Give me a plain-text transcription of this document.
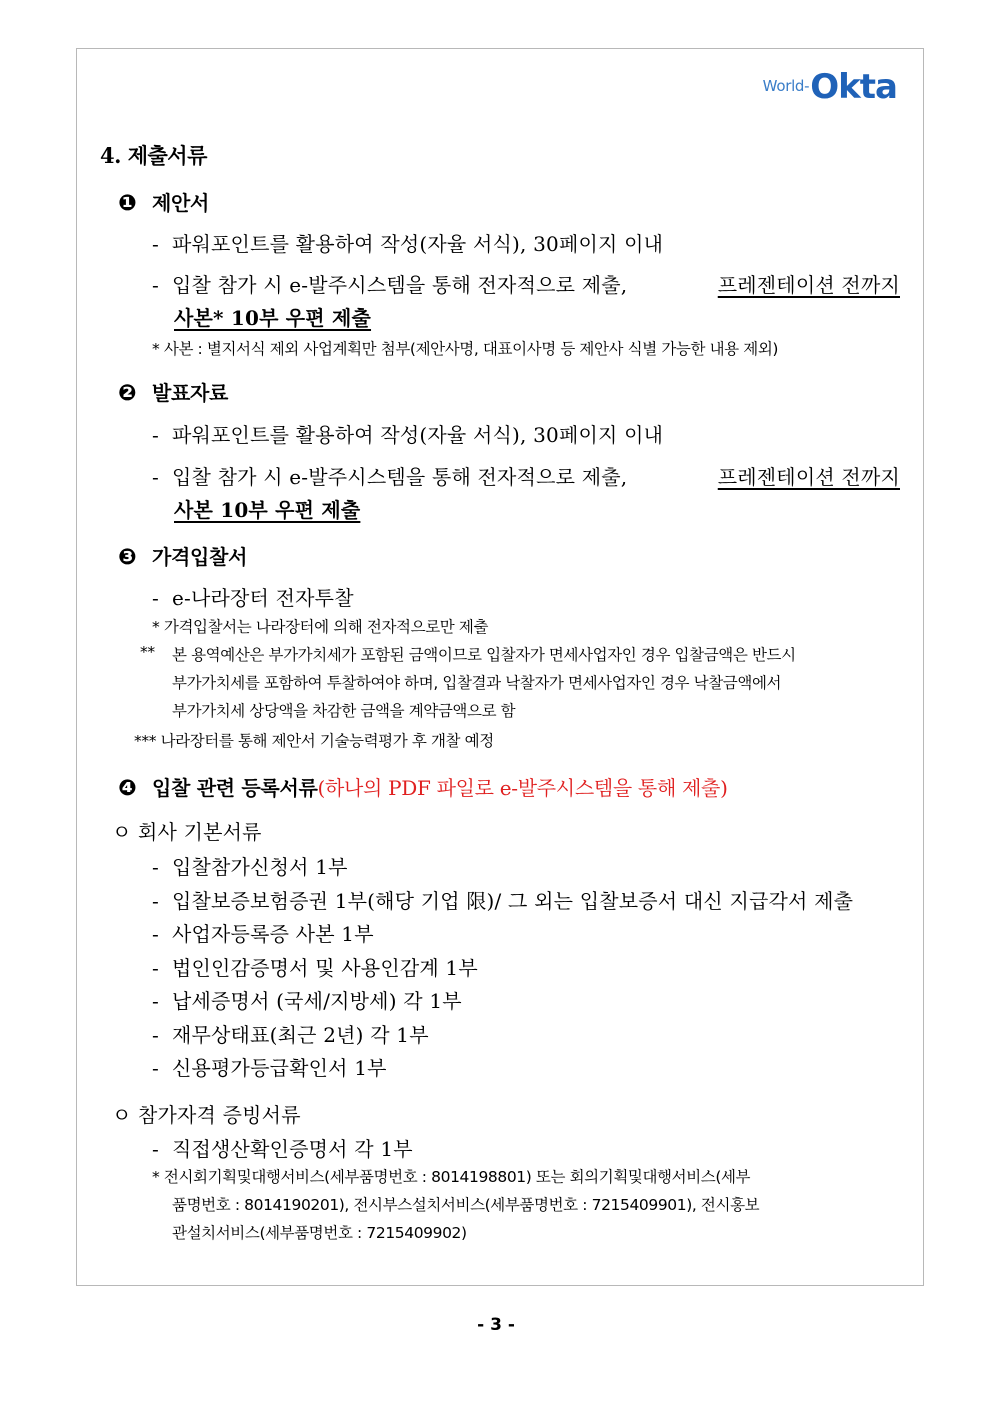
World- Okta
4. 제출서류
❶ 제안서
- 파워포인트를 활용하여 작성(자율 서식), 30페이지 이내
- 입찰 참가 시 e-발주시스템을 통해 전자적으로 제출,	프레젠테이션 전까지
사본* 10부 우편 제출
* 사본 : 별지서식 제외 사업계획만 첨부(제안사명, 대표이사명 등 제안사 식별 가능한 내용 제외)
❷ 발표자료
- 파워포인트를 활용하여 작성(자율 서식), 30페이지 이내
- 입찰 참가 시 e-발주시스템을 통해 전자적으로 제출,	프레젠테이션 전까지
사본 10부 우편 제출
❸ 가격입찰서
- e-나라장터 전자투찰
* 가격입찰서는 나라장터에 의해 전자적으로만 제출
** 본 용역예산은 부가가치세가 포함된 금액이므로 입찰자가 면세사업자인 경우 입찰금액은 반드시
부가가치세를 포함하여 투찰하여야 하며, 입찰결과 낙찰자가 면세사업자인 경우 낙찰금액에서
부가가치세 상당액을 차감한 금액을 계약금액으로 함
*** 나라장터를 통해 제안서 기술능력평가 후 개찰 예정
❹ 입찰 관련 등록서류(하나의 PDF 파일로 e-발주시스템을 통해 제출)
ㅇ 회사 기본서류
- 입찰참가신청서 1부
- 입찰보증보험증권 1부(해당 기업 限)/ 그 외는 입찰보증서 대신 지급각서 제출
- 사업자등록증 사본 1부
- 법인인감증명서 및 사용인감계 1부
- 납세증명서 (국세/지방세) 각 1부
- 재무상태표(최근 2년) 각 1부
- 신용평가등급확인서 1부
ㅇ 참가자격 증빙서류
- 직접생산확인증명서 각 1부
* 전시회기획및대행서비스(세부품명번호 : 8014198801) 또는 회의기획및대행서비스(세부
품명번호 : 8014190201), 전시부스설치서비스(세부품명번호 : 7215409901), 전시홍보
관설치서비스(세부품명번호 : 7215409902)
- 3 -
